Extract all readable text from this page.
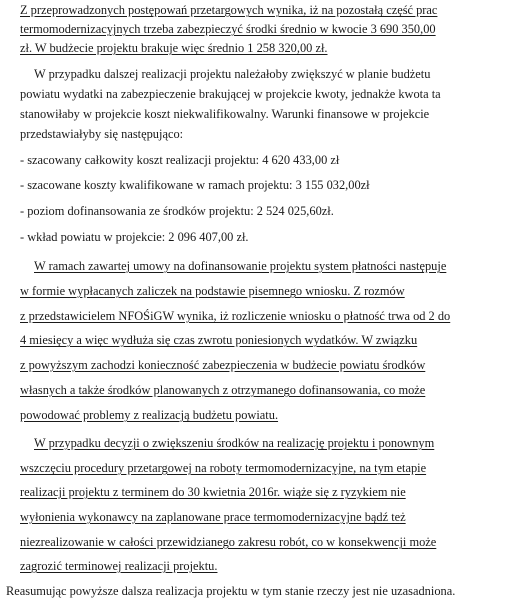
Z przeprowadzonych postępowań przetargowych wynika, iż na pozostałą część prac

termomodernizacyjnych trzeba zabezpieczyć środki średnio w kwocie 3 690 350,00

zł. W budżecie projektu brakuje więc średnio 1 258 320,00 zł.

W przypadku dalszej realizacji projektu należałoby zwiększyć w planie budżetu

powiatu wydatki na zabezpieczenie brakującej w projekcie kwoty, jednakże kwota ta

stanowiłaby w projekcie koszt niekwalifikowalny. Warunki finansowe w projekcie

przedstawiałyby się następująco:

- szacowany całkowity koszt realizacji projektu: 4 620 433,00 zł

- szacowane koszty kwalifikowane w ramach projektu: 3 155 032,00zł

- poziom dofinansowania ze środków projektu: 2 524 025,60zł.

- wkład powiatu w projekcie: 2 096 407,00 zł.

W ramach zawartej umowy na dofinansowanie projektu system płatności następuje

w formie wypłacanych zaliczek na podstawie pisemnego wniosku. Z rozmów

z przedstawicielem NFOŚiGW wynika, iż rozliczenie wniosku o płatność trwa od 2 do

4 miesięcy a więc wydłuża się czas zwrotu poniesionych wydatków. W związku

z powyższym zachodzi konieczność zabezpieczenia w budżecie powiatu środków

własnych a także środków planowanych z otrzymanego dofinansowania, co może

powodować problemy z realizacją budżetu powiatu.

W przypadku decyzji o zwiększeniu środków na realizację projektu i ponownym

wszczęciu procedury przetargowej na roboty termomodernizacyjne, na tym etapie

realizacji projektu z terminem do 30 kwietnia 2016r. wiąże się z ryzykiem nie

wyłonienia wykonawcy na zaplanowane prace termomodernizacyjne bądź też

niezrealizowanie w całości przewidzianego zakresu robót, co w konsekwencji może

zagrozić terminowej realizacji projektu.

Reasumując powyższe dalsza realizacja projektu w tym stanie rzeczy jest nie uzasadniona.
